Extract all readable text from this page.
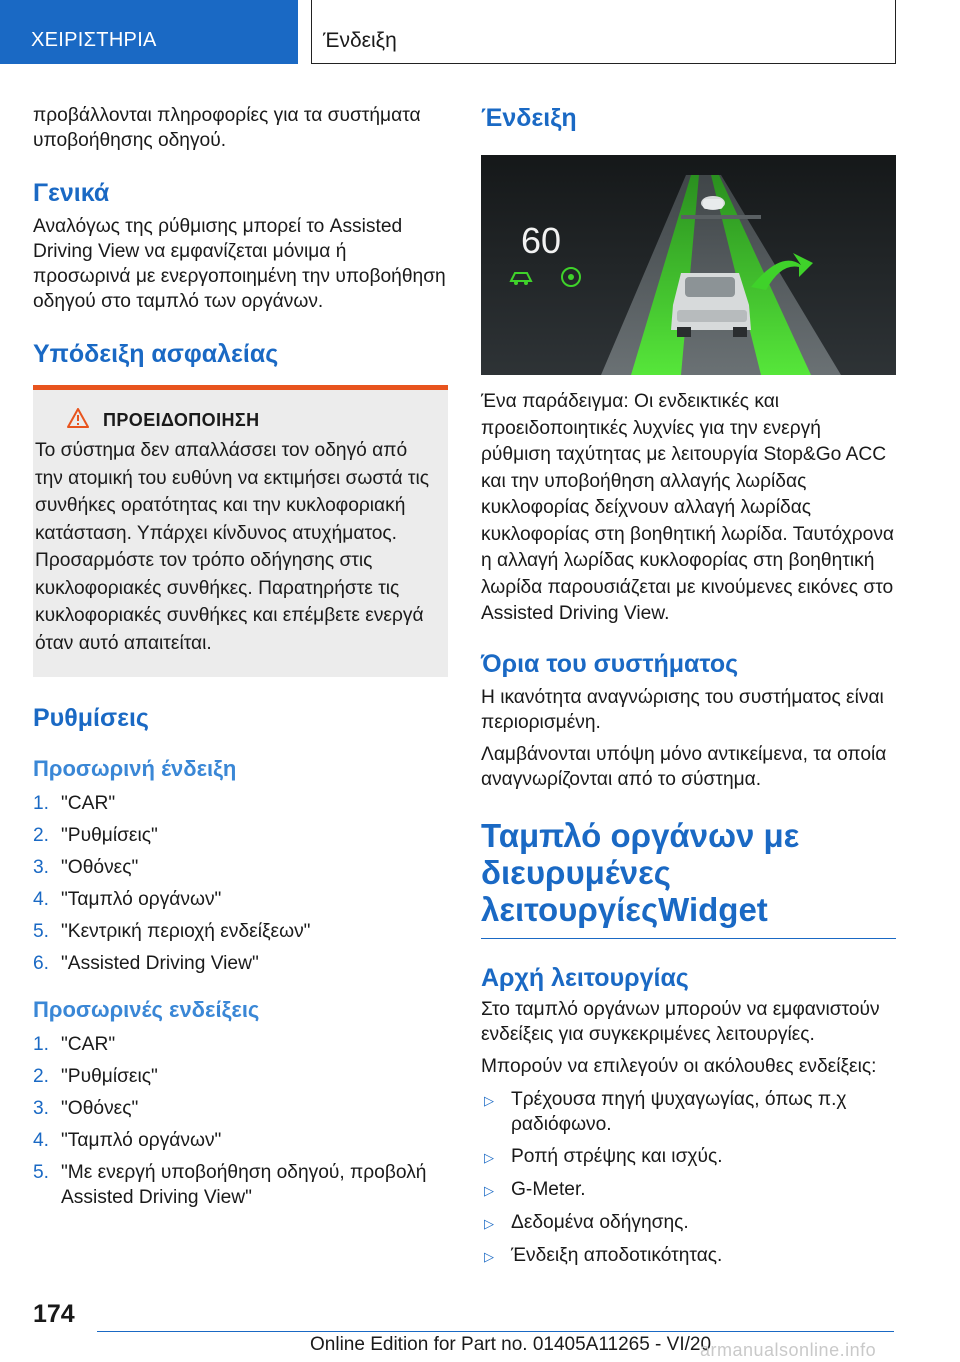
ΧΕΙΡΙΣΤΗΡΙΑ	Ένδειξη

προβάλλονται πληροφορίες για τα συστήματα υποβοήθησης οδηγού.

Γενικά

Αναλόγως της ρύθμισης μπορεί το Assisted Driving View να εμφανίζεται μόνιμα ή προσωρινά με ενεργοποιημένη την υποβοήθηση οδηγού στο ταμπλό των οργάνων.

Υπόδειξη ασφαλείας
ΠΡΟΕΙΔΟΠΟΙΗΣΗ

Το σύστημα δεν απαλλάσσει τον οδηγό από την ατομική του ευθύνη να εκτιμήσει σωστά τις συνθήκες ορατότητας και την κυκλοφοριακή κατάσταση. Υπάρχει κίνδυνος ατυχήματος. Προσαρμόστε τον τρόπο οδήγησης στις κυκλοφοριακές συνθήκες. Παρατηρήστε τις κυκλοφοριακές συνθήκες και επέμβετε ενεργά όταν αυτό απαιτείται.

Ρυθμίσεις
Προσωρινή ένδειξη
1. "CAR"
2. "Ρυθμίσεις"
3. "Οθόνες"
4. "Ταμπλό οργάνων"
5. "Κεντρική περιοχή ενδείξεων"
6. "Assisted Driving View"
Προσωρινές ενδείξεις
1. "CAR"
2. "Ρυθμίσεις"
3. "Οθόνες"
4. "Ταμπλό οργάνων"
5. "Με ενεργή υποβοήθηση οδηγού, προβολή Assisted Driving View"
Ένδειξη
60

Ένα παράδειγμα: Οι ενδεικτικές και προειδοποιητικές λυχνίες για την ενεργή ρύθμιση ταχύτητας με λειτουργία Stop&Go ACC και την υποβοήθηση αλλαγής λωρίδας κυκλοφορίας δείχνουν αλλαγή λωρίδας κυκλοφορίας στη βοηθητική λωρίδα. Ταυτόχρονα η αλλαγή λωρίδας κυκλοφορίας στη βοηθητική λωρίδα παρουσιάζεται με κινούμενες εικόνες στο Assisted Driving View.

Όρια του συστήματος

Η ικανότητα αναγνώρισης του συστήματος είναι περιορισμένη.

Λαμβάνονται υπόψη μόνο αντικείμενα, τα οποία αναγνωρίζονται από το σύστημα.

Ταμπλό οργάνων με διευρυμένες λειτουργίεςWidget
Αρχή λειτουργίας

Στο ταμπλό οργάνων μπορούν να εμφανιστούν ενδείξεις για συγκεκριμένες λειτουργίες.

Μπορούν να επιλεγούν οι ακόλουθες ενδείξεις:

▷ Τρέχουσα πηγή ψυχαγωγίας, όπως π.χ ραδιόφωνο.
▷ Ροπή στρέψης και ισχύς.
▷ G-Meter.
▷ Δεδομένα οδήγησης.
▷ Ένδειξη αποδοτικότητας.
174
Online Edition for Part no. 01405A11265 - VI/20
armanualsonline.info
